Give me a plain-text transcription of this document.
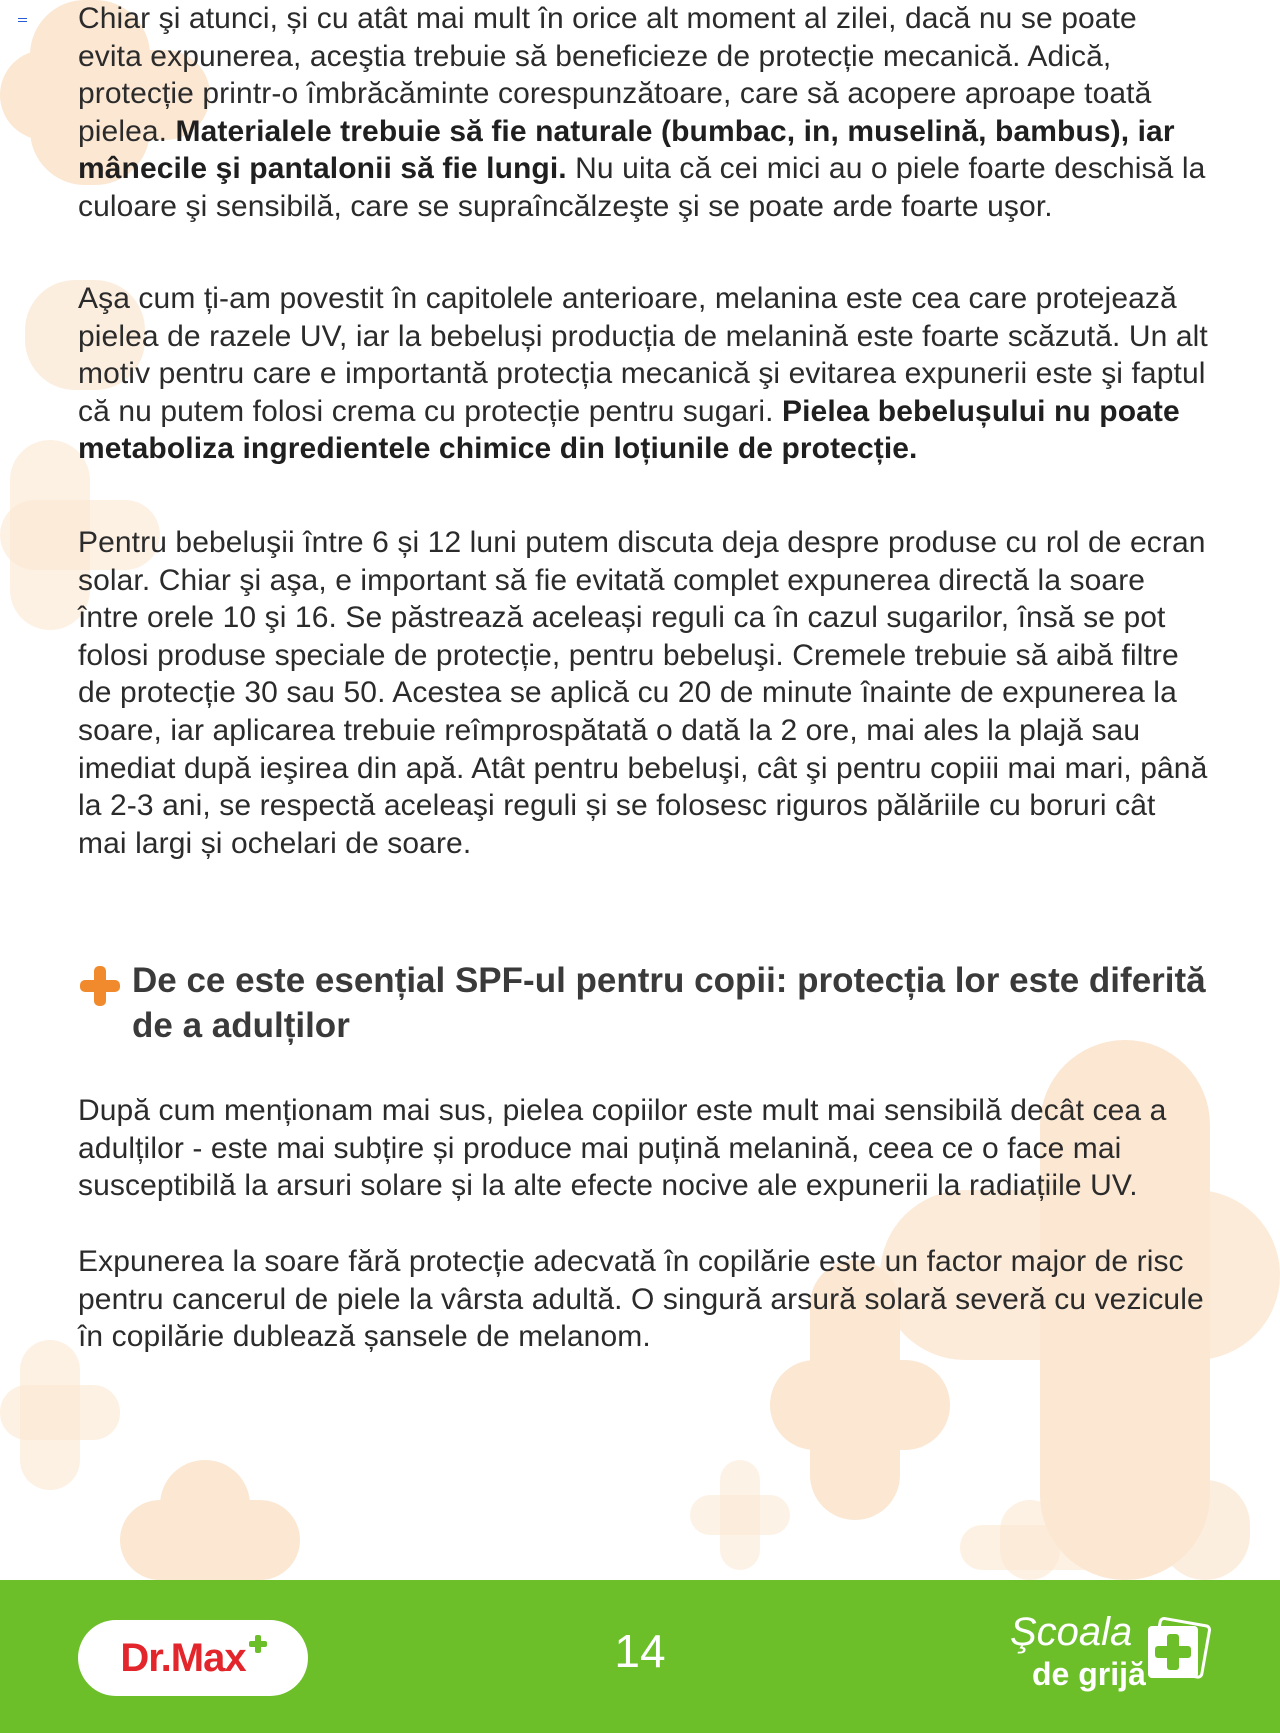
Chiar şi atunci, și cu atât mai mult în orice alt moment al zilei, dacă nu se poate evita expunerea, aceştia trebuie să beneficieze de protecție mecanică. Adică, protecție printr-o îmbrăcăminte corespunzătoare, care să acopere aproape toată pielea. Materialele trebuie să fie naturale (bumbac, in, muselină, bambus), iar mânecile şi pantalonii să fie lungi. Nu uita că cei mici au o piele foarte deschisă la culoare şi sensibilă, care se supraîncălzeşte şi se poate arde foarte uşor.

Aşa cum ți-am povestit în capitolele anterioare, melanina este cea care protejează pielea de razele UV, iar la bebeluși producția de melanină este foarte scăzută. Un alt motiv pentru care e importantă protecția mecanică şi evitarea expunerii este şi faptul că nu putem folosi crema cu protecție pentru sugari. Pielea bebelușului nu poate metaboliza ingredientele chimice din loțiunile de protecție.

Pentru bebeluşii între 6 și 12 luni putem discuta deja despre produse cu rol de ecran solar. Chiar şi aşa, e important să fie evitată complet expunerea directă la soare între orele 10 şi 16. Se păstrează aceleași reguli ca în cazul sugarilor, însă se pot folosi produse speciale de protecție, pentru bebeluşi. Cremele trebuie să aibă filtre de protecție 30 sau 50. Acestea se aplică cu 20 de minute înainte de expunerea la soare, iar aplicarea trebuie reîmprospătată o dată la 2 ore, mai ales la plajă sau imediat după ieşirea din apă. Atât pentru bebeluşi, cât şi pentru copiii mai mari, până la 2-3 ani, se respectă aceleaşi reguli și se folosesc riguros pălăriile cu boruri cât mai largi și ochelari de soare.

După cum menționam mai sus, pielea copiilor este mult mai sensibilă decât cea a adulților - este mai subțire și produce mai puțină melanină, ceea ce o face mai susceptibilă la arsuri solare și la alte efecte nocive ale expunerii la radiațiile UV.

Expunerea la soare fără protecție adecvată în copilărie este un factor major de risc pentru cancerul de piele la vârsta adultă. O singură arsură solară severă cu vezicule în copilărie dublează șansele de melanom.

De ce este esențial SPF-ul pentru copii: protecția lor este diferită de a adulților
Dr.Max	14	Şcoala
de grijă
